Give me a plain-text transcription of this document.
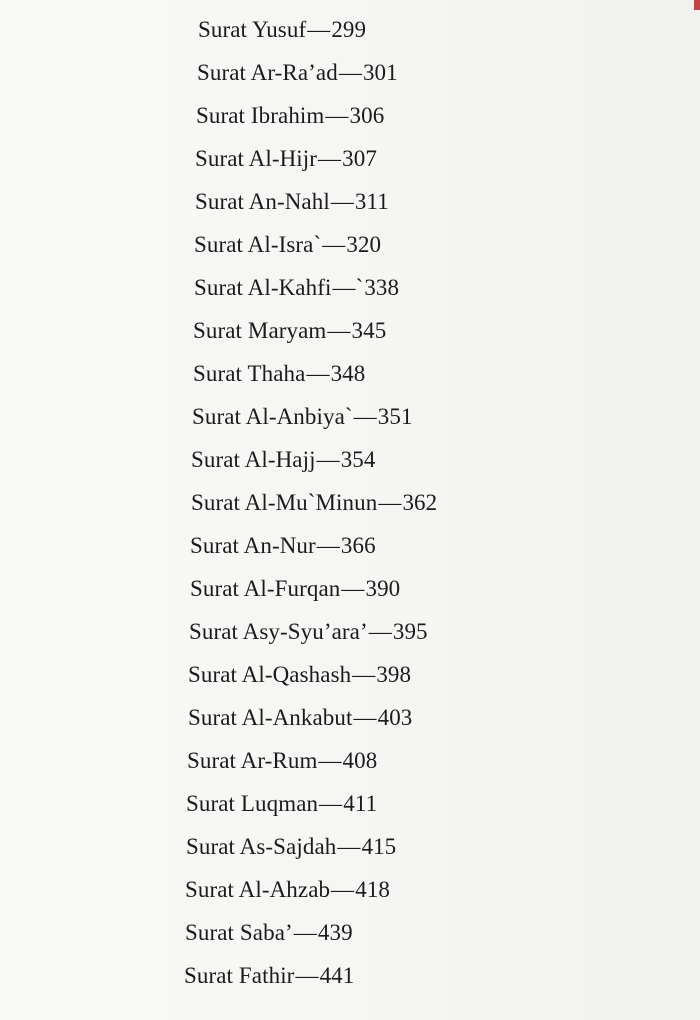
Surat Yusuf—299
Surat Ar-Ra’ad—301
Surat Ibrahim—306
Surat Al-Hijr—307
Surat An-Nahl—311
Surat Al-Isra`—320
Surat Al-Kahfi—`338
Surat Maryam—345
Surat Thaha—348
Surat Al-Anbiya`—351
Surat Al-Hajj—354
Surat Al-Mu`Minun—362
Surat An-Nur—366
Surat Al-Furqan—390
Surat Asy-Syu’ara’—395
Surat Al-Qashash—398
Surat Al-Ankabut—403
Surat Ar-Rum—408
Surat Luqman—411
Surat As-Sajdah—415
Surat Al-Ahzab—418
Surat Saba’—439
Surat Fathir—441
